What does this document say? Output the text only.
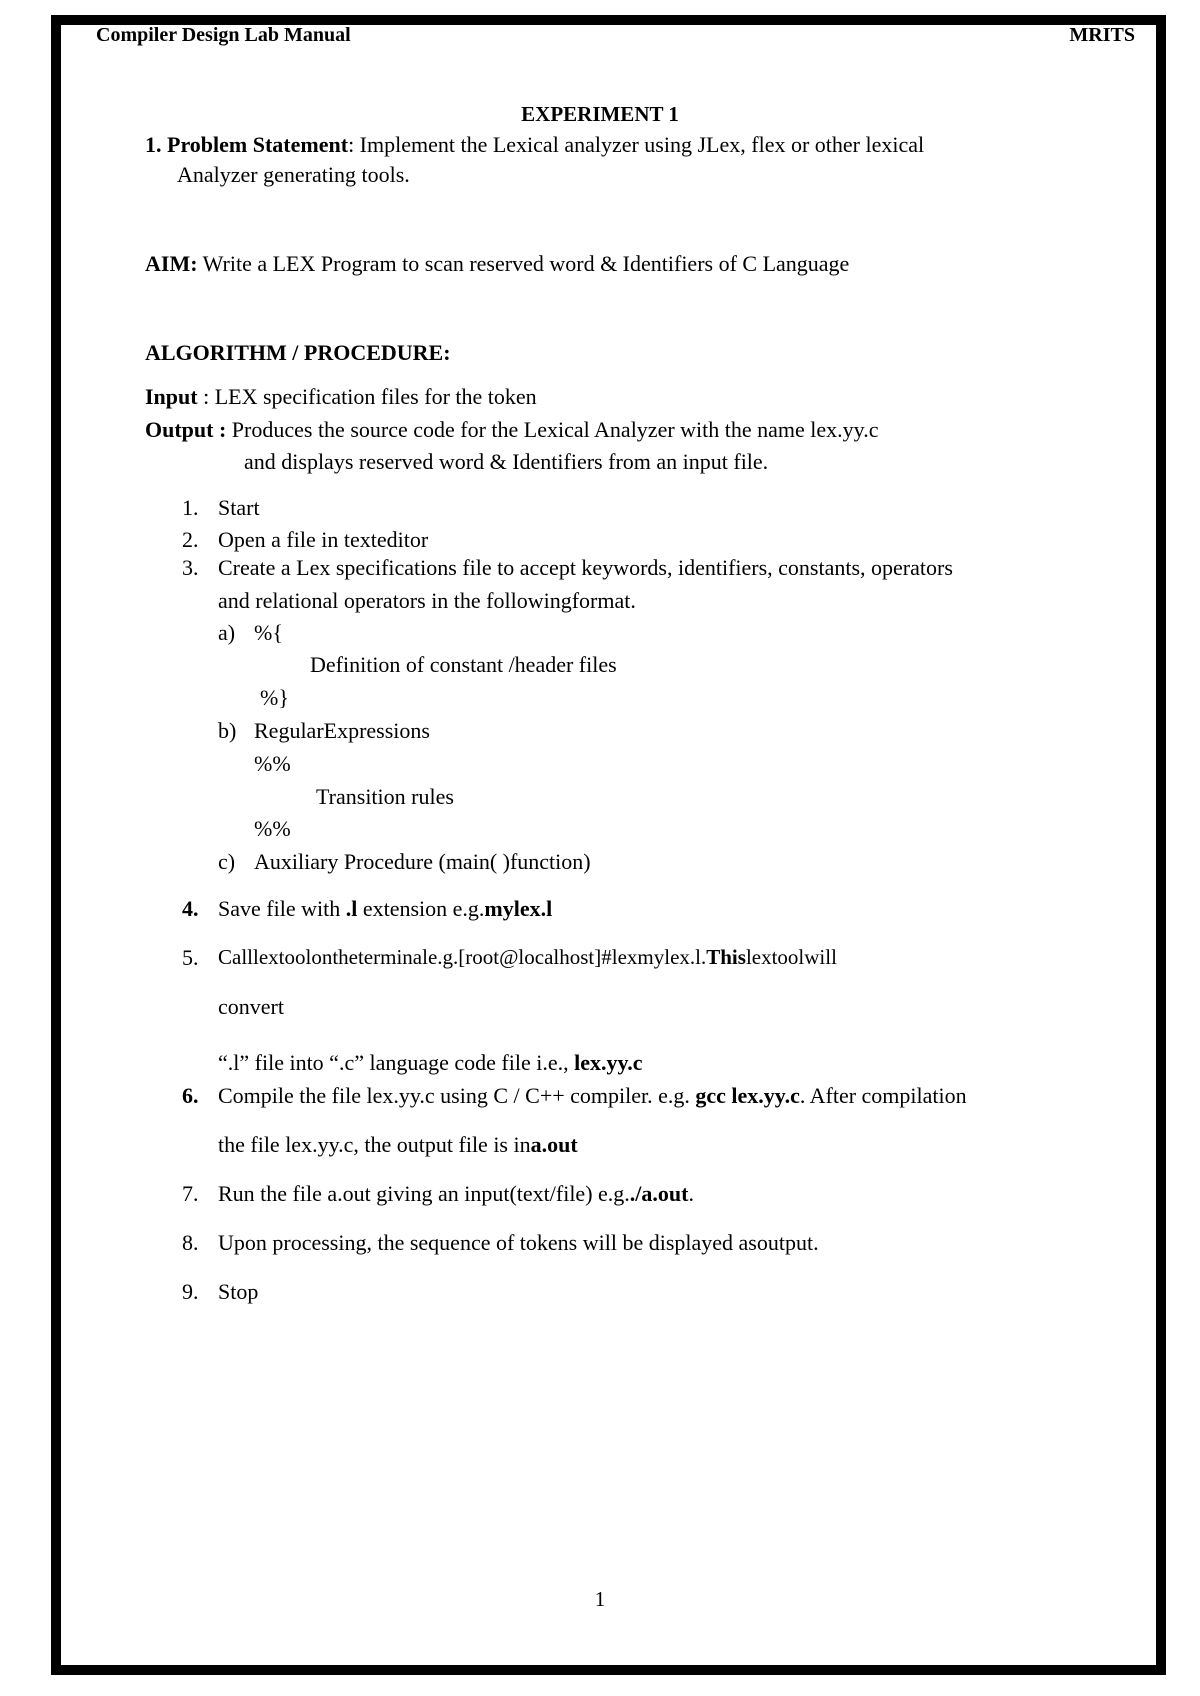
Compiler Design Lab Manual	MRITS
EXPERIMENT 1
1. Problem Statement: Implement the Lexical analyzer using JLex, flex or other lexical
Analyzer generating tools.
AIM: Write a LEX Program to scan reserved word & Identifiers of C Language
ALGORITHM / PROCEDURE:
Input : LEX specification files for the token
Output : Produces the source code for the Lexical Analyzer with the name lex.yy.c
and displays reserved word & Identifiers from an input file.
1. Start
2. Open a file in texteditor
3. Create a Lex specifications file to accept keywords, identifiers, constants, operators
and relational operators in the followingformat.
a) %{
Definition of constant /header files
%}
b) RegularExpressions
%%
Transition rules
%%
c) Auxiliary Procedure (main( )function)
4. Save file with .l extension e.g.mylex.l
5. Calllextoolontheterminale.g.[root@localhost]#lexmylex.l.Thislextoolwill
convert
“.l” file into “.c” language code file i.e., lex.yy.c
6. Compile the file lex.yy.c using C / C++ compiler. e.g. gcc lex.yy.c. After compilation
the file lex.yy.c, the output file is ina.out
7. Run the file a.out giving an input(text/file) e.g../a.out.
8. Upon processing, the sequence of tokens will be displayed asoutput.
9. Stop
1
